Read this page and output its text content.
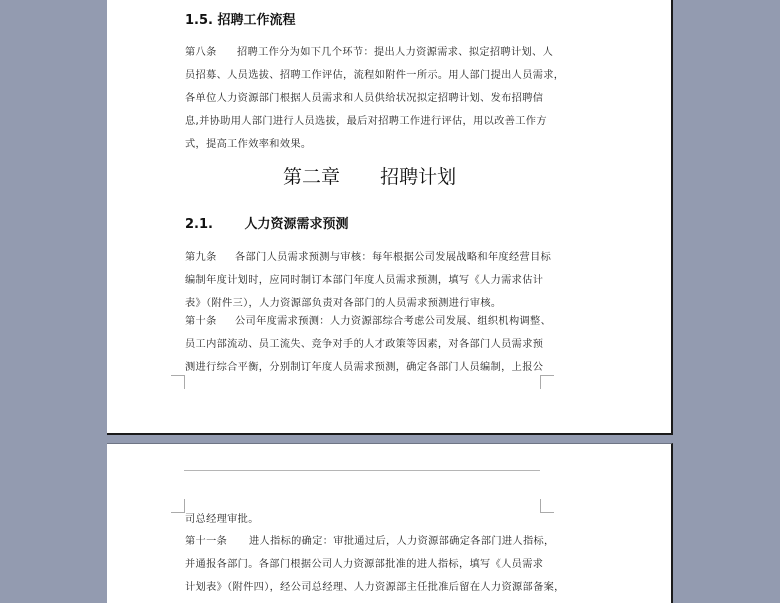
1.5. 招聘工作流程
第八条 招聘工作分为如下几个环节：提出人力资源需求、拟定招聘计划、人
员招募、人员选拔、招聘工作评估，流程如附件一所示。用人部门提出人员需求，
各单位人力资源部门根据人员需求和人员供给状况拟定招聘计划、发布招聘信
息,并协助用人部门进行人员选拔，最后对招聘工作进行评估，用以改善工作方
式，提高工作效率和效果。
第二章 招聘计划
2.1. 人力资源需求预测
第九条 各部门人员需求预测与审核：每年根据公司发展战略和年度经营目标
编制年度计划时，应同时制订本部门年度人员需求预测，填写《人力需求估计
表》（附件三），人力资源部负责对各部门的人员需求预测进行审核。
第十条 公司年度需求预测：人力资源部综合考虑公司发展、组织机构调整、
员工内部流动、员工流失、竞争对手的人才政策等因素，对各部门人员需求预
测进行综合平衡，分别制订年度人员需求预测，确定各部门人员编制，上报公
司总经理审批。
第十一条 进人指标的确定：审批通过后，人力资源部确定各部门进人指标，
并通报各部门。各部门根据公司人力资源部批准的进人指标，填写《人员需求
计划表》（附件四），经公司总经理、人力资源部主任批准后留在人力资源部备案，
